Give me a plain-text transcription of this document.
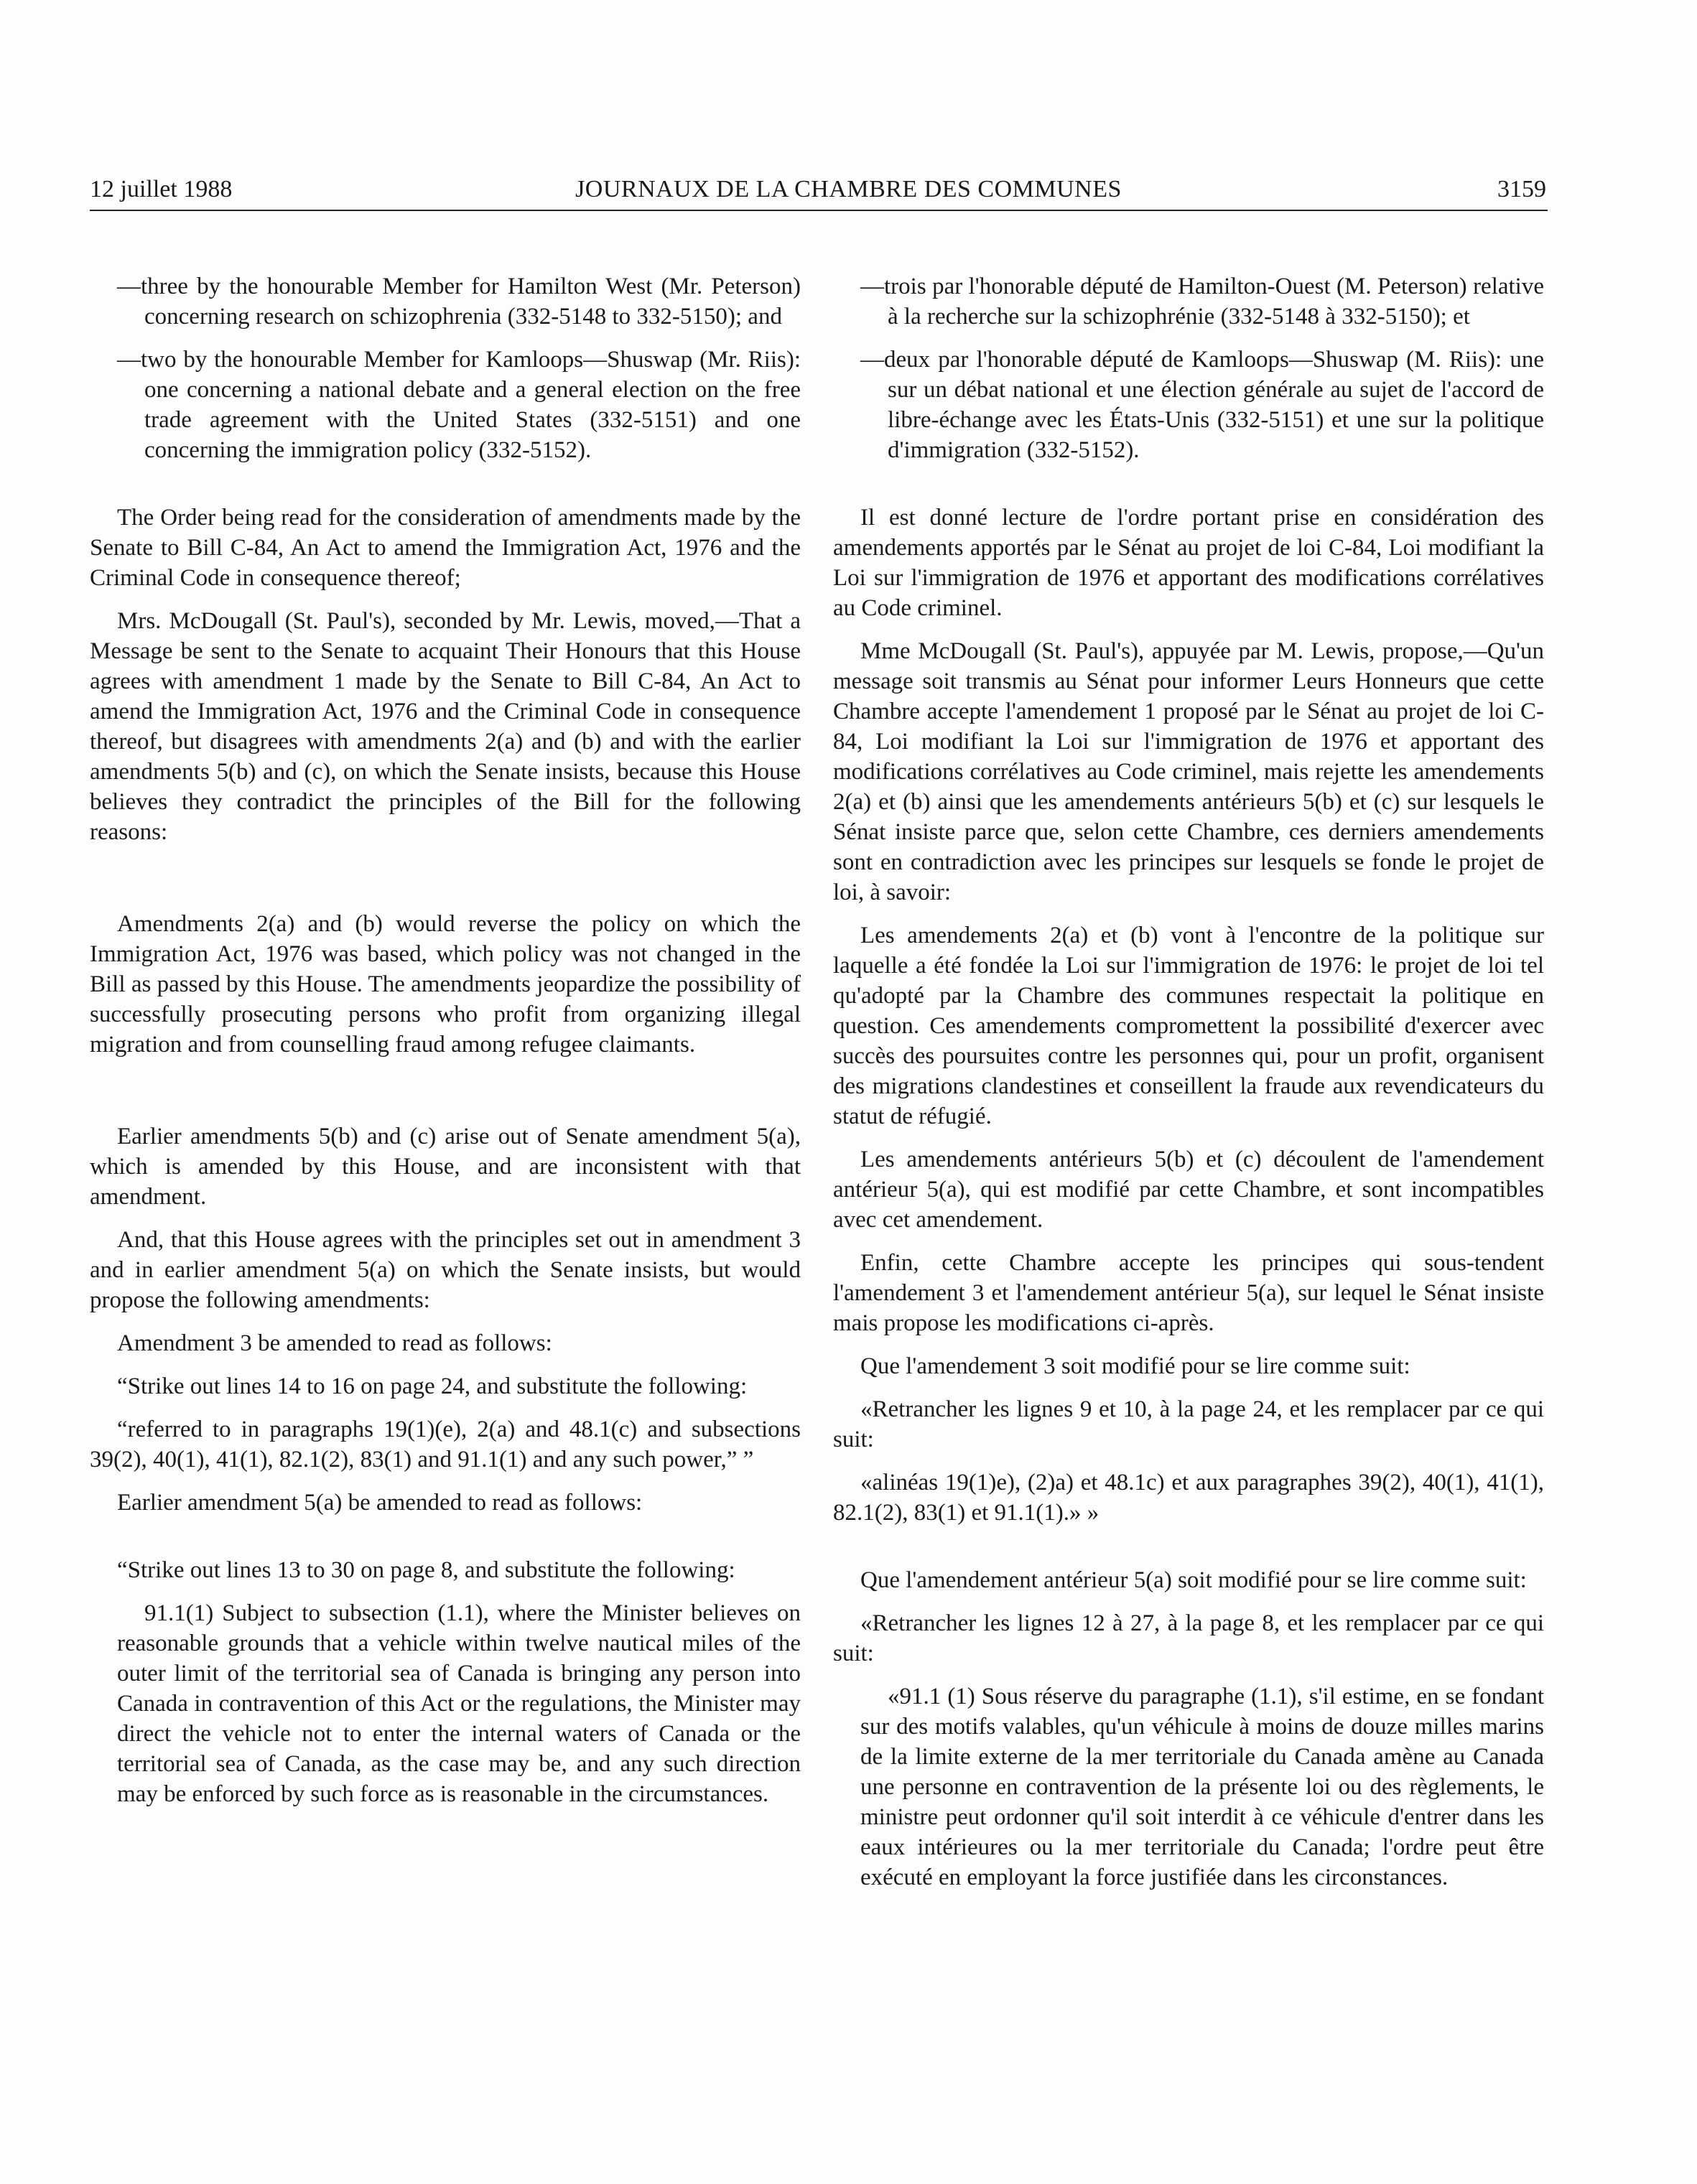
12 juillet 1988	JOURNAUX DE LA CHAMBRE DES COMMUNES	3159

—three by the honourable Member for Hamilton West (Mr. Peterson) concerning research on schizophrenia (332-5148 to 332-5150); and

—two by the honourable Member for Kamloops—Shuswap (Mr. Riis): one concerning a national debate and a general election on the free trade agreement with the United States (332-5151) and one concerning the immigration policy (332-5152).

The Order being read for the consideration of amendments made by the Senate to Bill C-84, An Act to amend the Immigration Act, 1976 and the Criminal Code in consequence thereof;

Mrs. McDougall (St. Paul's), seconded by Mr. Lewis, moved,—That a Message be sent to the Senate to acquaint Their Honours that this House agrees with amendment 1 made by the Senate to Bill C-84, An Act to amend the Immigration Act, 1976 and the Criminal Code in consequence thereof, but disagrees with amendments 2(a) and (b) and with the earlier amendments 5(b) and (c), on which the Senate insists, because this House believes they contradict the principles of the Bill for the following reasons:

Amendments 2(a) and (b) would reverse the policy on which the Immigration Act, 1976 was based, which policy was not changed in the Bill as passed by this House. The amendments jeopardize the possibility of successfully prosecuting persons who profit from organizing illegal migration and from counselling fraud among refugee claimants.

Earlier amendments 5(b) and (c) arise out of Senate amendment 5(a), which is amended by this House, and are inconsistent with that amendment.

And, that this House agrees with the principles set out in amendment 3 and in earlier amendment 5(a) on which the Senate insists, but would propose the following amendments:

Amendment 3 be amended to read as follows:

“Strike out lines 14 to 16 on page 24, and substitute the following:

“referred to in paragraphs 19(1)(e), 2(a) and 48.1(c) and subsections 39(2), 40(1), 41(1), 82.1(2), 83(1) and 91.1(1) and any such power,” ”

Earlier amendment 5(a) be amended to read as follows:

“Strike out lines 13 to 30 on page 8, and substitute the following:

91.1(1) Subject to subsection (1.1), where the Minister believes on reasonable grounds that a vehicle within twelve nautical miles of the outer limit of the territorial sea of Canada is bringing any person into Canada in contravention of this Act or the regulations, the Minister may direct the vehicle not to enter the internal waters of Canada or the territorial sea of Canada, as the case may be, and any such direction may be enforced by such force as is reasonable in the circumstances.

—trois par l'honorable député de Hamilton-Ouest (M. Peterson) relative à la recherche sur la schizophrénie (332-5148 à 332-5150); et

—deux par l'honorable député de Kamloops—Shuswap (M. Riis): une sur un débat national et une élection générale au sujet de l'accord de libre-échange avec les États-Unis (332-5151) et une sur la politique d'immigration (332-5152).

Il est donné lecture de l'ordre portant prise en considération des amendements apportés par le Sénat au projet de loi C-84, Loi modifiant la Loi sur l'immigration de 1976 et apportant des modifications corrélatives au Code criminel.

Mme McDougall (St. Paul's), appuyée par M. Lewis, propose,—Qu'un message soit transmis au Sénat pour informer Leurs Honneurs que cette Chambre accepte l'amendement 1 proposé par le Sénat au projet de loi C-84, Loi modifiant la Loi sur l'immigration de 1976 et apportant des modifications corrélatives au Code criminel, mais rejette les amendements 2(a) et (b) ainsi que les amendements antérieurs 5(b) et (c) sur lesquels le Sénat insiste parce que, selon cette Chambre, ces derniers amendements sont en contradiction avec les principes sur lesquels se fonde le projet de loi, à savoir:

Les amendements 2(a) et (b) vont à l'encontre de la politique sur laquelle a été fondée la Loi sur l'immigration de 1976: le projet de loi tel qu'adopté par la Chambre des communes respectait la politique en question. Ces amendements compromettent la possibilité d'exercer avec succès des poursuites contre les personnes qui, pour un profit, organisent des migrations clandestines et conseillent la fraude aux revendicateurs du statut de réfugié.

Les amendements antérieurs 5(b) et (c) découlent de l'amendement antérieur 5(a), qui est modifié par cette Chambre, et sont incompatibles avec cet amendement.

Enfin, cette Chambre accepte les principes qui sous-tendent l'amendement 3 et l'amendement antérieur 5(a), sur lequel le Sénat insiste mais propose les modifications ci-après.

Que l'amendement 3 soit modifié pour se lire comme suit:

«Retrancher les lignes 9 et 10, à la page 24, et les remplacer par ce qui suit:

«alinéas 19(1)e), (2)a) et 48.1c) et aux paragraphes 39(2), 40(1), 41(1), 82.1(2), 83(1) et 91.1(1).» »

Que l'amendement antérieur 5(a) soit modifié pour se lire comme suit:

«Retrancher les lignes 12 à 27, à la page 8, et les remplacer par ce qui suit:

«91.1 (1) Sous réserve du paragraphe (1.1), s'il estime, en se fondant sur des motifs valables, qu'un véhicule à moins de douze milles marins de la limite externe de la mer territoriale du Canada amène au Canada une personne en contravention de la présente loi ou des règlements, le ministre peut ordonner qu'il soit interdit à ce véhicule d'entrer dans les eaux intérieures ou la mer territoriale du Canada; l'ordre peut être exécuté en employant la force justifiée dans les circonstances.
